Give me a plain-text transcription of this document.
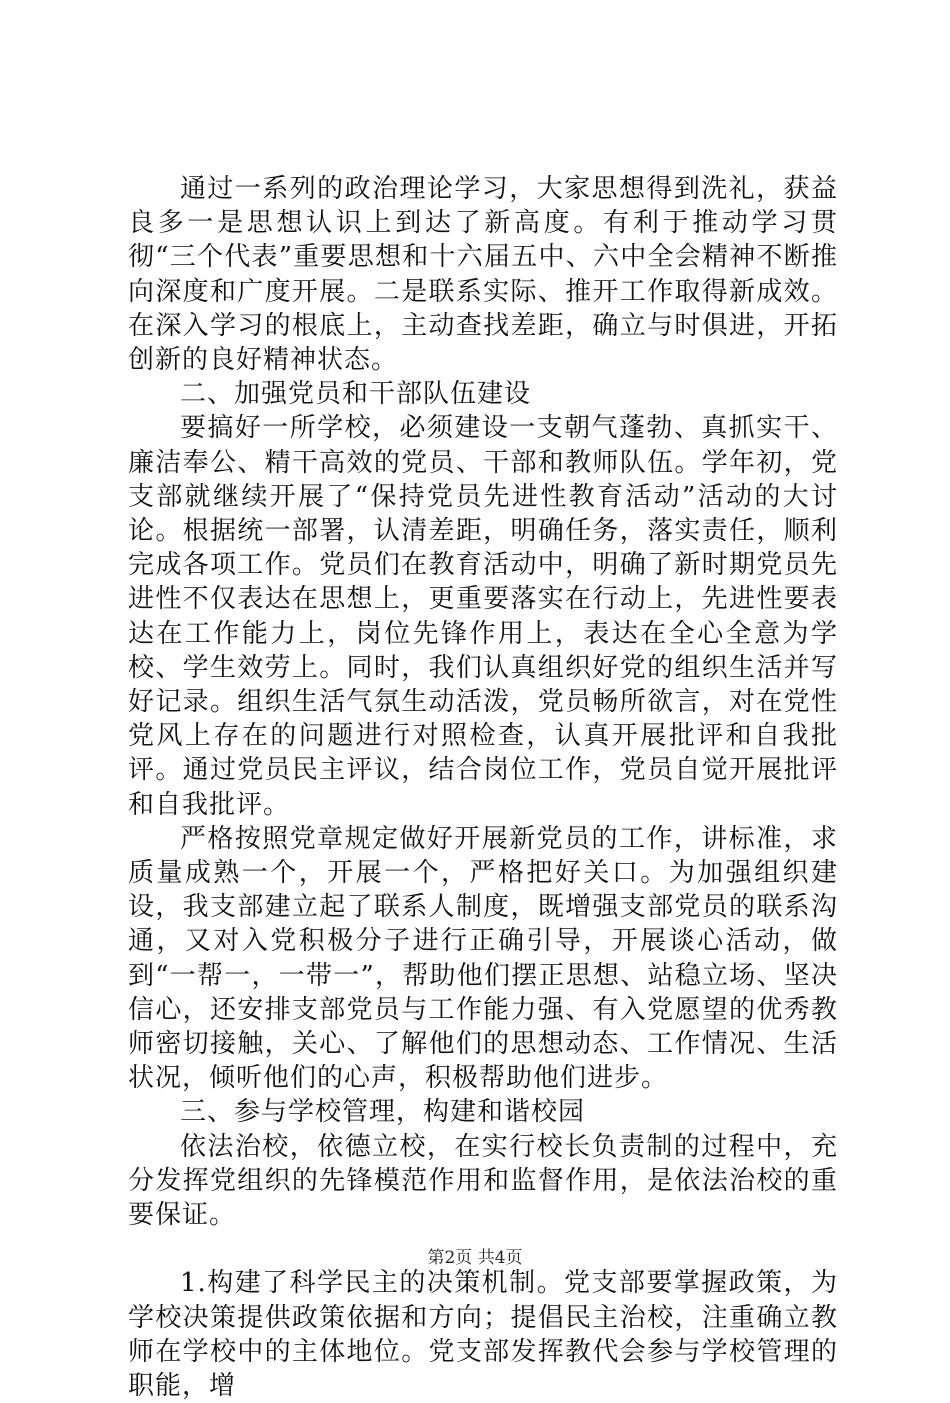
通过一系列的政治理论学习，大家思想得到洗礼，获益良多一是思想认识上到达了新高度。有利于推动学习贯彻“三个代表”重要思想和十六届五中、六中全会精神不断推向深度和广度开展。二是联系实际、推开工作取得新成效。在深入学习的根底上，主动查找差距，确立与时俱进，开拓创新的良好精神状态。

二、加强党员和干部队伍建设

要搞好一所学校，必须建设一支朝气蓬勃、真抓实干、廉洁奉公、精干高效的党员、干部和教师队伍。学年初，党支部就继续开展了“保持党员先进性教育活动”活动的大讨论。根据统一部署，认清差距，明确任务，落实责任，顺利完成各项工作。党员们在教育活动中，明确了新时期党员先进性不仅表达在思想上，更重要落实在行动上，先进性要表达在工作能力上，岗位先锋作用上，表达在全心全意为学校、学生效劳上。同时，我们认真组织好党的组织生活并写好记录。组织生活气氛生动活泼，党员畅所欲言，对在党性党风上存在的问题进行对照检查，认真开展批评和自我批评。通过党员民主评议，结合岗位工作，党员自觉开展批评和自我批评。

严格按照党章规定做好开展新党员的工作，讲标准，求质量成熟一个，开展一个，严格把好关口。为加强组织建设，我支部建立起了联系人制度，既增强支部党员的联系沟通，又对入党积极分子进行正确引导，开展谈心活动，做到“一帮一，一带一”，帮助他们摆正思想、站稳立场、坚决信心，还安排支部党员与工作能力强、有入党愿望的优秀教师密切接触，关心、了解他们的思想动态、工作情况、生活状况，倾听他们的心声，积极帮助他们进步。

三、参与学校管理，构建和谐校园

依法治校，依德立校，在实行校长负责制的过程中，充分发挥党组织的先锋模范作用和监督作用，是依法治校的重要保证。

1.构建了科学民主的决策机制。党支部要掌握政策，为学校决策提供政策依据和方向；提倡民主治校，注重确立教师在学校中的主体地位。党支部发挥教代会参与学校管理的职能，增

第2页 共4页
